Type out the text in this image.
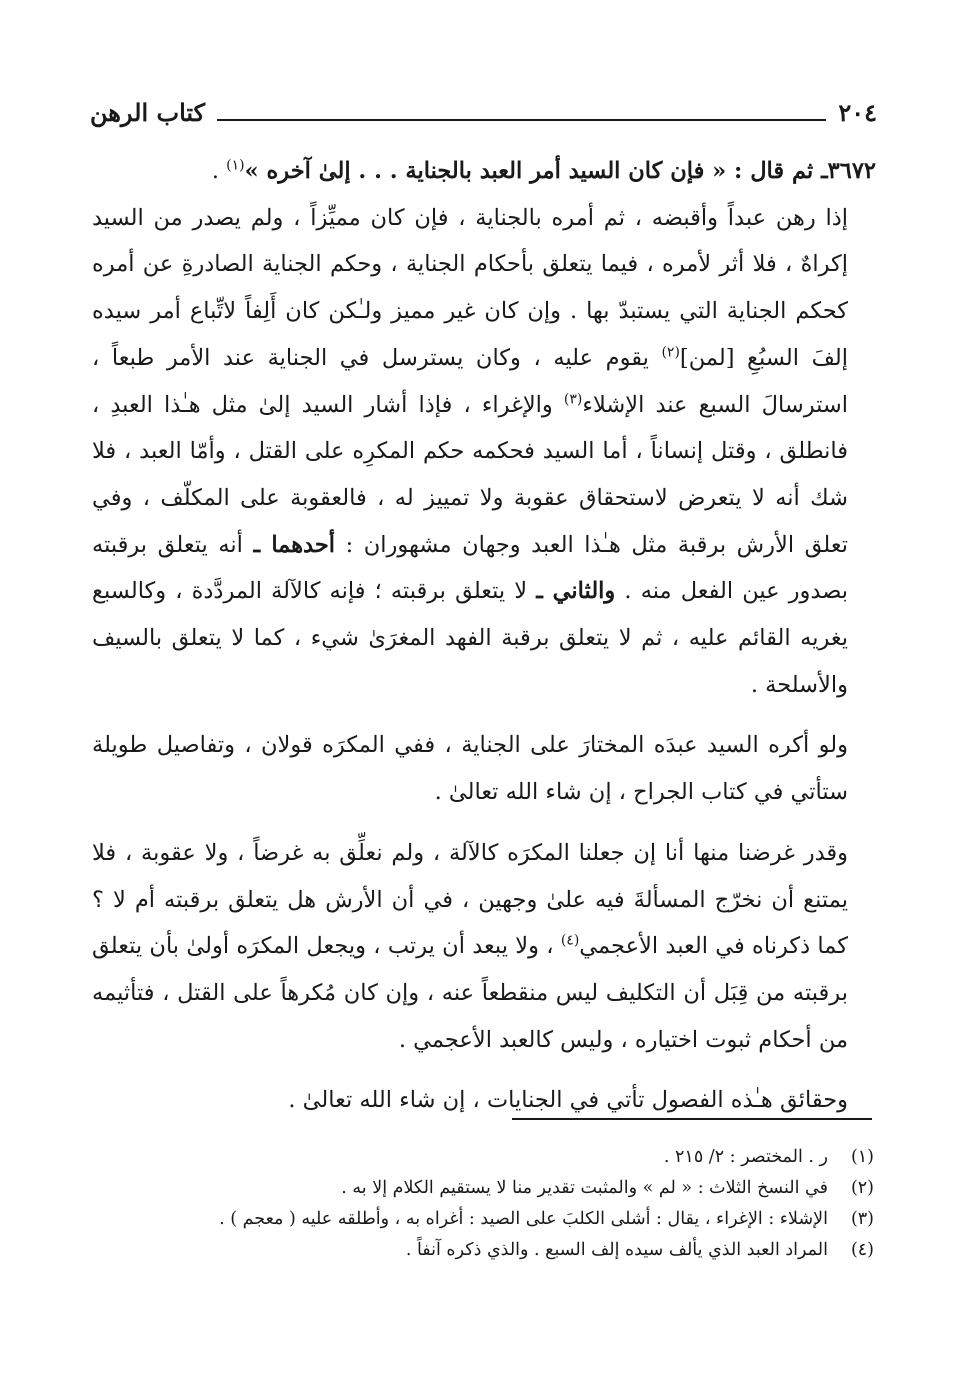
كتاب الرهن	٢٠٤

٣٦٧٢ـ ثم قال : « فإن كان السيد أمر العبد بالجناية . . . إلىٰ آخره »$^{(١)}$ .

إذا رهن عبداً وأقبضه ، ثم أمره بالجناية ، فإن كان مميِّزاً ، ولم يصدر من السيد إكراهٌ ، فلا أثر لأمره ، فيما يتعلق بأحكام الجناية ، وحكم الجناية الصادرةِ عن أمره كحكم الجناية التي يستبدّ بها . وإن كان غير مميز ولـٰكن كان أَلِفاً لاتِّباع أمر سيده إلفَ السبُعِ [لمن]$^{(٢)}$ يقوم عليه ، وكان يسترسل في الجناية عند الأمر طبعاً ، استرسالَ السبع عند الإشلاء$^{(٣)}$ والإغراء ، فإذا أشار السيد إلىٰ مثل هـٰذا العبدِ ، فانطلق ، وقتل إنساناً ، أما السيد فحكمه حكم المكرِه على القتل ، وأمّا العبد ، فلا شك أنه لا يتعرض لاستحقاق عقوبة ولا تمييز له ، فالعقوبة على المكلّف ، وفي تعلق الأرش برقبة مثل هـٰذا العبد وجهان مشهوران : أحدهما ـ أنه يتعلق برقبته بصدور عين الفعل منه . والثاني ـ لا يتعلق برقبته ؛ فإنه كالآلة المردَّدة ، وكالسبع يغريه القائم عليه ، ثم لا يتعلق برقبة الفهد المغرَىٰ شيء ، كما لا يتعلق بالسيف والأسلحة .

ولو أكره السيد عبدَه المختارَ على الجناية ، ففي المكرَه قولان ، وتفاصيل طويلة ستأتي في كتاب الجراح ، إن شاء الله تعالىٰ .

وقدر غرضنا منها أنا إن جعلنا المكرَه كالآلة ، ولم نعلِّق به غرضاً ، ولا عقوبة ، فلا يمتنع أن نخرّج المسألةَ فيه علىٰ وجهين ، في أن الأرش هل يتعلق برقبته أم لا ؟ كما ذكرناه في العبد الأعجمي$^{(٤)}$ ، ولا يبعد أن يرتب ، ويجعل المكرَه أولىٰ بأن يتعلق برقبته من قِبَل أن التكليف ليس منقطعاً عنه ، وإن كان مُكرهاً على القتل ، فتأثيمه من أحكام ثبوت اختياره ، وليس كالعبد الأعجمي .

وحقائق هـٰذه الفصول تأتي في الجنايات ، إن شاء الله تعالىٰ .

(١)
ر . المختصر : ٢/ ٢١٥ .
(٢)
في النسخ الثلاث : « لم » والمثبت تقدير منا لا يستقيم الكلام إلا به .
(٣)
الإشلاء : الإغراء ، يقال : أشلى الكلبَ على الصيد : أغراه به ، وأطلقه عليه ( معجم ) .
(٤)
المراد العبد الذي يألف سيده إلف السبع . والذي ذكره آنفاً .
